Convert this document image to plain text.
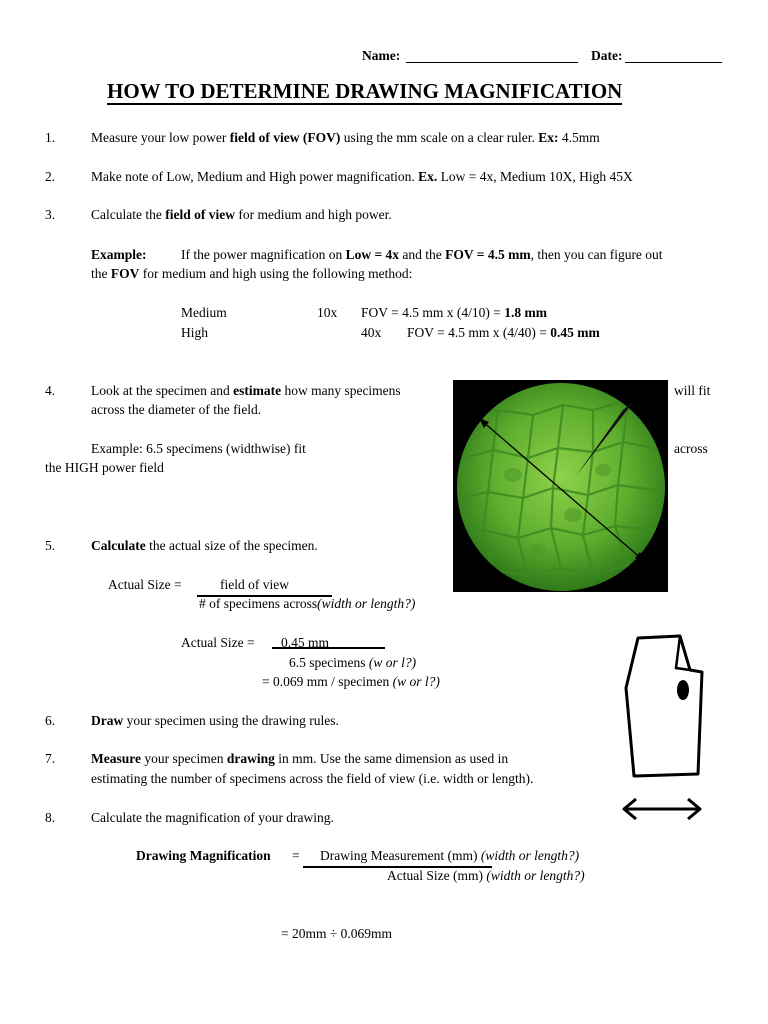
Name:	Date:
HOW TO DETERMINE DRAWING MAGNIFICATION
1.	Measure your low power field of view (FOV) using the mm scale on a clear ruler. Ex: 4.5mm
2.	Make note of Low, Medium and High power magnification. Ex. Low = 4x, Medium 10X, High 45X
3.	Calculate the field of view for medium and high power.
Example:	If the power magnification on Low = 4x and the FOV = 4.5 mm, then you can figure out
the FOV for medium and high using the following method:
Medium	10x FOV = 4.5 mm x (4/10) = 1.8 mm
High	40x FOV = 4.5 mm x (4/40) = 0.45 mm
4.	Look at the specimen and estimate how many specimens	will fit
across the diameter of the field.
Example: 6.5 specimens (widthwise) fit	across
the HIGH power field
5.	Calculate the actual size of the specimen.
Actual Size =	field of view
# of specimens across(width or length?)
Actual Size = 0.45 mm
6.5 specimens (w or l?)
= 0.069 mm / specimen (w or l?)
6.	Draw your specimen using the drawing rules.
7.	Measure your specimen drawing in mm. Use the same dimension as used in
estimating the number of specimens across the field of view (i.e. width or length).
8.	Calculate the magnification of your drawing.
Drawing Magnification = Drawing Measurement (mm) (width or length?)
Actual Size (mm) (width or length?)
= 20mm ÷ 0.069mm
